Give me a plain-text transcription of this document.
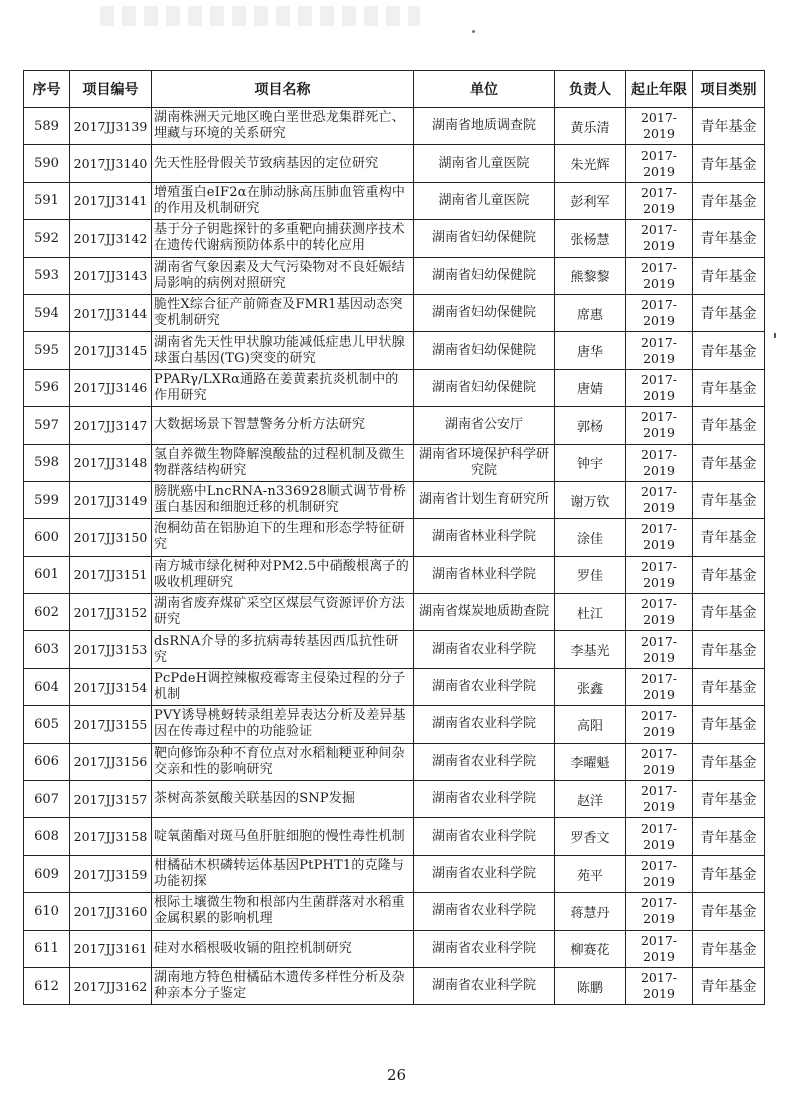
序号	项目编号	项目名称	单位	负责人	起止年限	项目类别
589	2017JJ3139	湖南株洲天元地区晚白垩世恐龙集群死亡、埋藏与环境的关系研究	湖南省地质调查院	黄乐清	2017-2019	青年基金
590	2017JJ3140	先天性胫骨假关节致病基因的定位研究	湖南省儿童医院	朱光辉	2017-2019	青年基金
591	2017JJ3141	增殖蛋白eIF2α在肺动脉高压肺血管重构中的作用及机制研究	湖南省儿童医院	彭利军	2017-2019	青年基金
592	2017JJ3142	基于分子钥匙探针的多重靶向捕获测序技术在遗传代谢病预防体系中的转化应用	湖南省妇幼保健院	张杨慧	2017-2019	青年基金
593	2017JJ3143	湖南省气象因素及大气污染物对不良妊娠结局影响的病例对照研究	湖南省妇幼保健院	熊黎黎	2017-2019	青年基金
594	2017JJ3144	脆性X综合征产前筛查及FMR1基因动态突变机制研究	湖南省妇幼保健院	席惠	2017-2019	青年基金
595	2017JJ3145	湖南省先天性甲状腺功能减低症患儿甲状腺球蛋白基因(TG)突变的研究	湖南省妇幼保健院	唐华	2017-2019	青年基金
596	2017JJ3146	PPARγ/LXRα通路在姜黄素抗炎机制中的作用研究	湖南省妇幼保健院	唐婧	2017-2019	青年基金
597	2017JJ3147	大数据场景下智慧警务分析方法研究	湖南省公安厅	郭杨	2017-2019	青年基金
598	2017JJ3148	氢自养微生物降解溴酸盐的过程机制及微生物群落结构研究	湖南省环境保护科学研究院	钟宇	2017-2019	青年基金
599	2017JJ3149	膀胱癌中LncRNA-n336928顺式调节骨桥蛋白基因和细胞迁移的机制研究	湖南省计划生育研究所	谢万钦	2017-2019	青年基金
600	2017JJ3150	泡桐幼苗在铝胁迫下的生理和形态学特征研究	湖南省林业科学院	涂佳	2017-2019	青年基金
601	2017JJ3151	南方城市绿化树种对PM2.5中硝酸根离子的吸收机理研究	湖南省林业科学院	罗佳	2017-2019	青年基金
602	2017JJ3152	湖南省废弃煤矿采空区煤层气资源评价方法研究	湖南省煤炭地质勘查院	杜江	2017-2019	青年基金
603	2017JJ3153	dsRNA介导的多抗病毒转基因西瓜抗性研究	湖南省农业科学院	李基光	2017-2019	青年基金
604	2017JJ3154	PcPdeH调控辣椒疫霉寄主侵染过程的分子机制	湖南省农业科学院	张鑫	2017-2019	青年基金
605	2017JJ3155	PVY诱导桃蚜转录组差异表达分析及差异基因在传毒过程中的功能验证	湖南省农业科学院	高阳	2017-2019	青年基金
606	2017JJ3156	靶向修饰杂种不育位点对水稻籼粳亚种间杂交亲和性的影响研究	湖南省农业科学院	李曜魁	2017-2019	青年基金
607	2017JJ3157	茶树高茶氨酸关联基因的SNP发掘	湖南省农业科学院	赵洋	2017-2019	青年基金
608	2017JJ3158	啶氧菌酯对斑马鱼肝脏细胞的慢性毒性机制	湖南省农业科学院	罗香文	2017-2019	青年基金
609	2017JJ3159	柑橘砧木枳磷转运体基因PtPHT1的克隆与功能初探	湖南省农业科学院	苑平	2017-2019	青年基金
610	2017JJ3160	根际土壤微生物和根部内生菌群落对水稻重金属积累的影响机理	湖南省农业科学院	蒋慧丹	2017-2019	青年基金
611	2017JJ3161	硅对水稻根吸收镉的阻控机制研究	湖南省农业科学院	柳赛花	2017-2019	青年基金
612	2017JJ3162	湖南地方特色柑橘砧木遗传多样性分析及杂种亲本分子鉴定	湖南省农业科学院	陈鹏	2017-2019	青年基金
26
